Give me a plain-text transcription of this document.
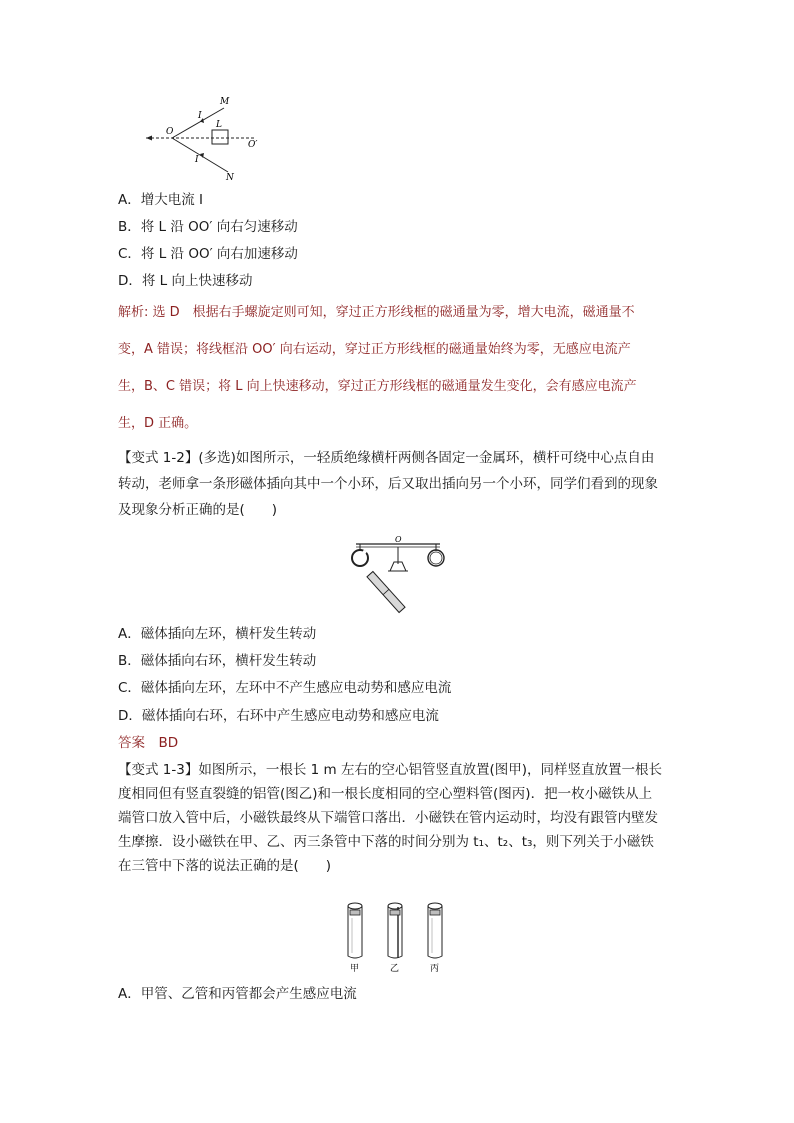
M
I
L
O
O′
I
N
A．增大电流 I
B．将 L 沿 OO′ 向右匀速移动
C．将 L 沿 OO′ 向右加速移动
D．将 L 向上快速移动
解析: 选 D　根据右手螺旋定则可知，穿过正方形线框的磁通量为零，增大电流，磁通量不
变，A 错误；将线框沿 OO′ 向右运动，穿过正方形线框的磁通量始终为零，无感应电流产
生，B、C 错误；将 L 向上快速移动，穿过正方形线框的磁通量发生变化，会有感应电流产
生，D 正确。
【变式 1-2】(多选)如图所示，一轻质绝缘横杆两侧各固定一金属环，横杆可绕中心点自由
转动，老师拿一条形磁体插向其中一个小环，后又取出插向另一个小环，同学们看到的现象
及现象分析正确的是(　　)
O
A．磁体插向左环，横杆发生转动
B．磁体插向右环，横杆发生转动
C．磁体插向左环，左环中不产生感应电动势和感应电流
D．磁体插向右环，右环中产生感应电动势和感应电流
答案　BD
【变式 1-3】如图所示，一根长 1 m 左右的空心铝管竖直放置(图甲)，同样竖直放置一根长
度相同但有竖直裂缝的铝管(图乙)和一根长度相同的空心塑料管(图丙)．把一枚小磁铁从上
端管口放入管中后，小磁铁最终从下端管口落出．小磁铁在管内运动时，均没有跟管内壁发
生摩擦．设小磁铁在甲、乙、丙三条管中下落的时间分别为 t₁、t₂、t₃，则下列关于小磁铁
在三管中下落的说法正确的是(　　)
甲	乙	丙
A．甲管、乙管和丙管都会产生感应电流
